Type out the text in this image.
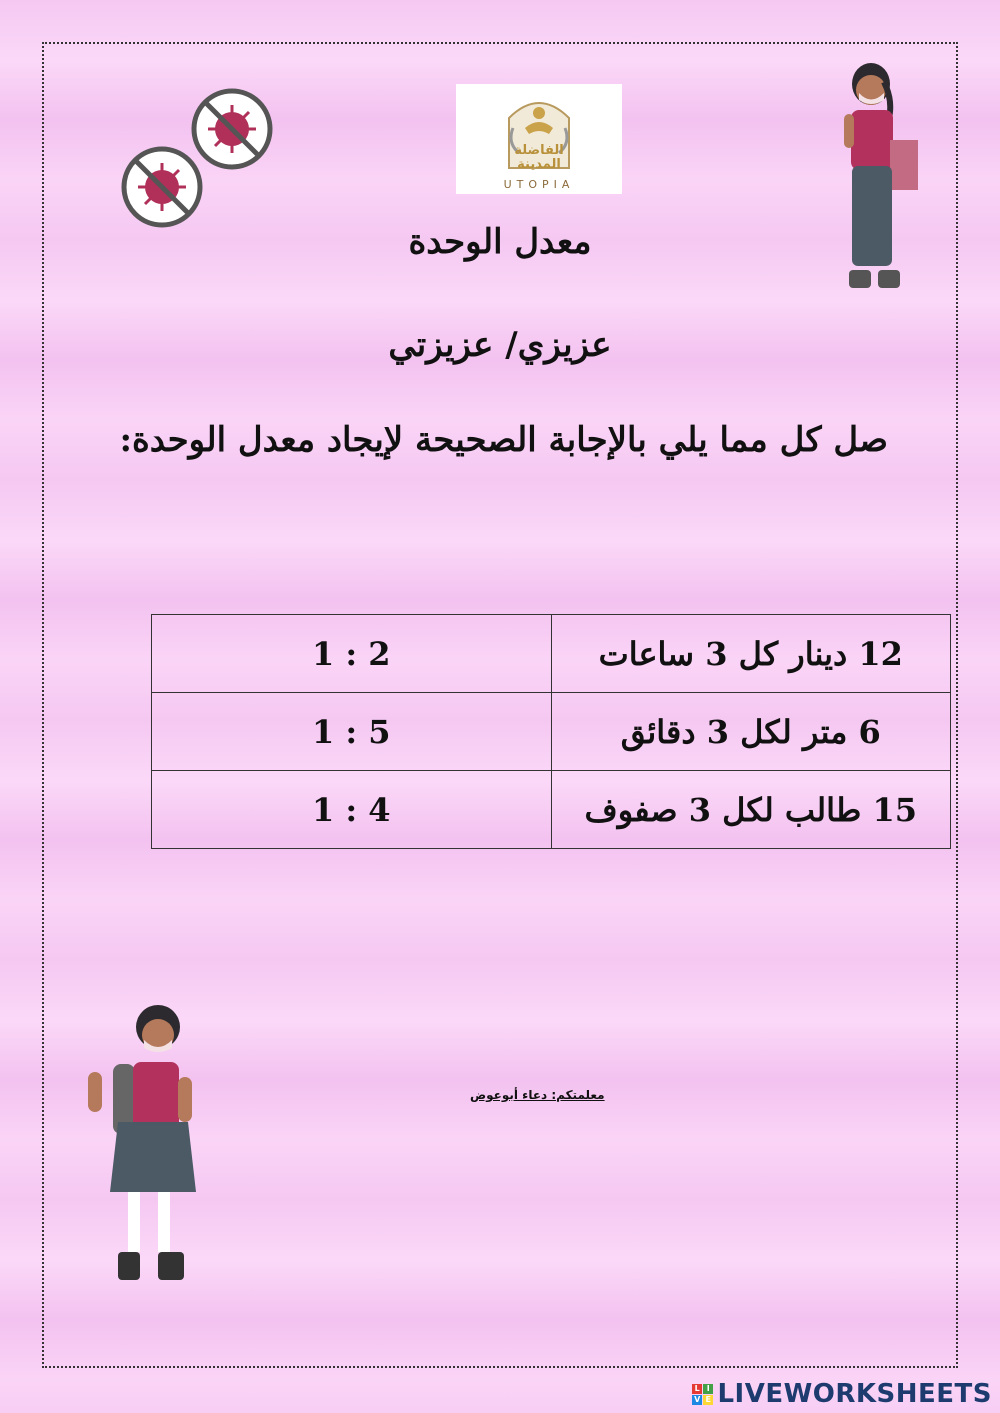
الفاضلة
المدينة
UTOPIA
معدل الوحدة
عزيزي/ عزيزتي
صل كل مما يلي بالإجابة الصحيحة لإيجاد معدل الوحدة:
1 : 2	12 دينار كل 3 ساعات
1 : 5	6 متر لكل 3 دقائق
1 : 4	15 طالب لكل 3 صفوف
معلمتكم: دعاء أبوعوض
L I
V E LIVEWORKSHEETS
